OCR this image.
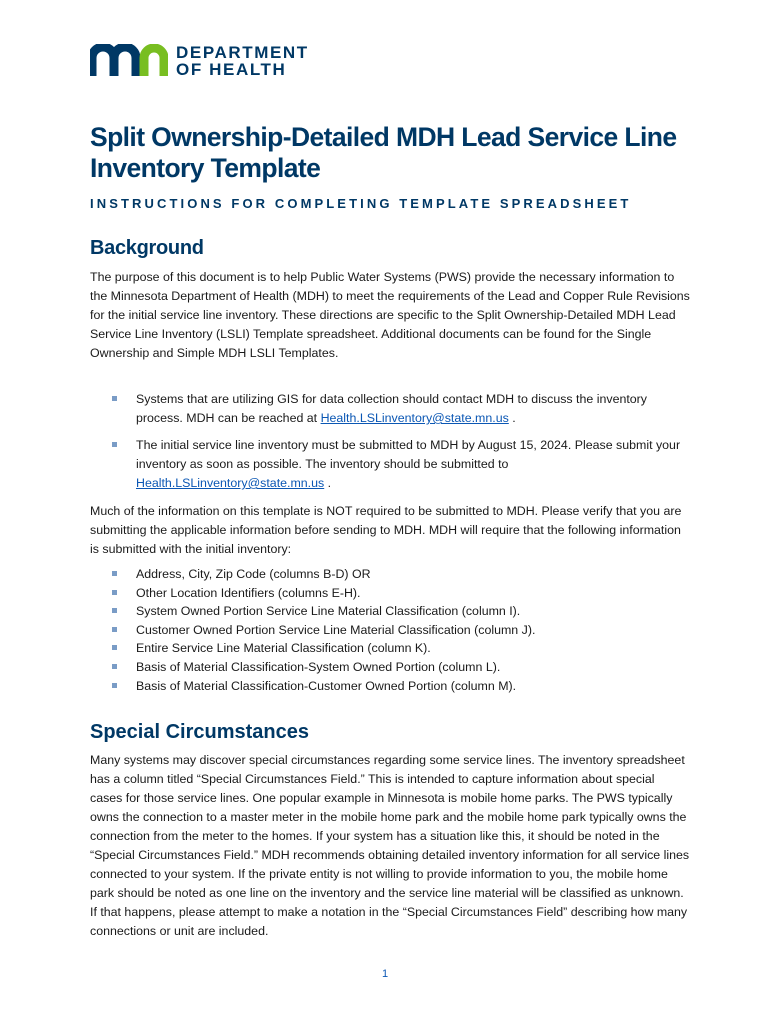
DEPARTMENT
OF HEALTH
Split Ownership-Detailed MDH Lead Service Line Inventory Template
INSTRUCTIONS FOR COMPLETING TEMPLATE SPREADSHEET
Background

The purpose of this document is to help Public Water Systems (PWS) provide the necessary information to the Minnesota Department of Health (MDH) to meet the requirements of the Lead and Copper Rule Revisions for the initial service line inventory. These directions are specific to the Split Ownership-Detailed MDH Lead Service Line Inventory (LSLI) Template spreadsheet. Additional documents can be found for the Single Ownership and Simple MDH LSLI Templates.

Systems that are utilizing GIS for data collection should contact MDH to discuss the inventory process. MDH can be reached at Health.LSLinventory@state.mn.us .
The initial service line inventory must be submitted to MDH by August 15, 2024. Please submit your inventory as soon as possible. The inventory should be submitted to Health.LSLinventory@state.mn.us .

Much of the information on this template is NOT required to be submitted to MDH. Please verify that you are submitting the applicable information before sending to MDH. MDH will require that the following information is submitted with the initial inventory:

Address, City, Zip Code (columns B-D) OR
Other Location Identifiers (columns E-H).
System Owned Portion Service Line Material Classification (column I).
Customer Owned Portion Service Line Material Classification (column J).
Entire Service Line Material Classification (column K).
Basis of Material Classification-System Owned Portion (column L).
Basis of Material Classification-Customer Owned Portion (column M).
Special Circumstances

Many systems may discover special circumstances regarding some service lines. The inventory spreadsheet has a column titled “Special Circumstances Field.” This is intended to capture information about special cases for those service lines. One popular example in Minnesota is mobile home parks. The PWS typically owns the connection to a master meter in the mobile home park and the mobile home park typically owns the connection from the meter to the homes. If your system has a situation like this, it should be noted in the “Special Circumstances Field.” MDH recommends obtaining detailed inventory information for all service lines connected to your system. If the private entity is not willing to provide information to you, the mobile home park should be noted as one line on the inventory and the service line material will be classified as unknown. If that happens, please attempt to make a notation in the “Special Circumstances Field” describing how many connections or unit are included.

1
